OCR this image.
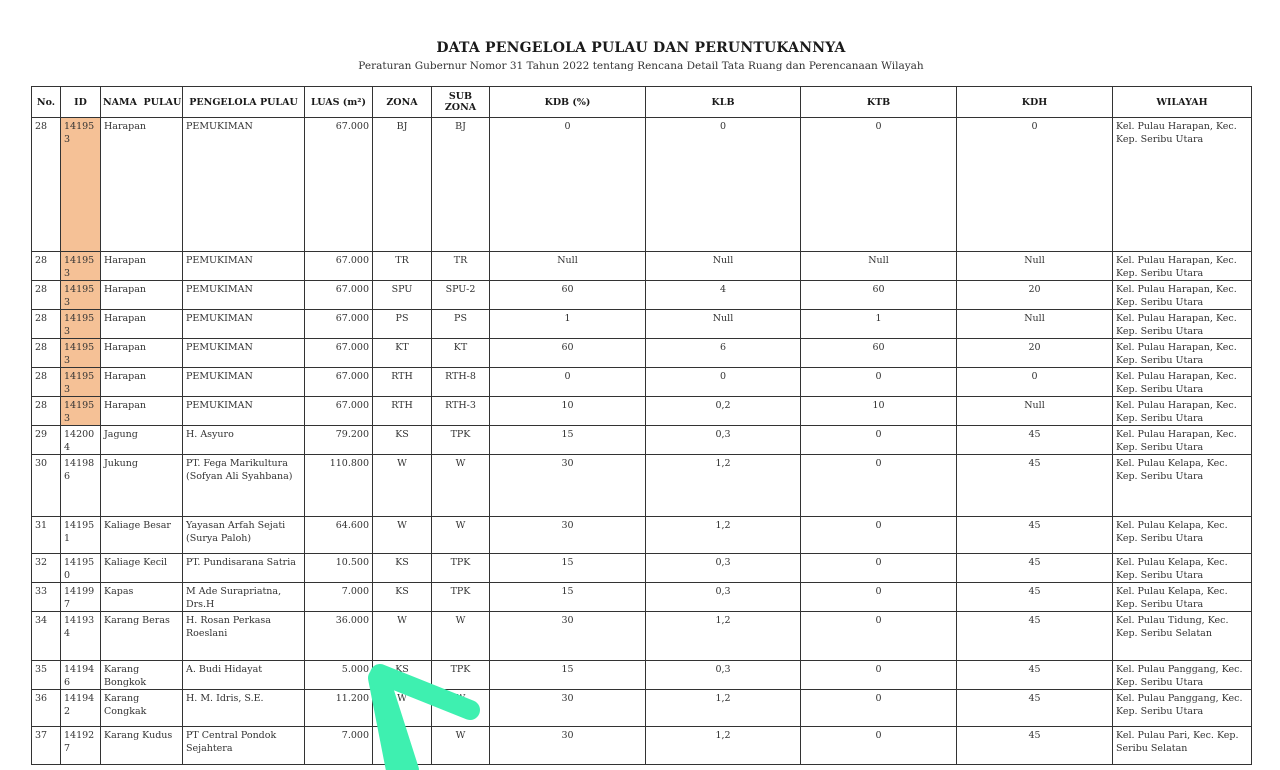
DATA PENGELOLA PULAU DAN PERUNTUKANNYA
Peraturan Gubernur Nomor 31 Tahun 2022 tentang Rencana Detail Tata Ruang dan Perencanaan Wilayah
No.	ID	NAMA  PULAU	PENGELOLA PULAU	LUAS (m²)	ZONA	SUB ZONA	KDB (%)	KLB	KTB	KDH	WILAYAH
28	141953	Harapan	PEMUKIMAN	67.000	BJ	BJ	0	0	0	0	Kel. Pulau Harapan, Kec. Kep. Seribu Utara
28	141953	Harapan	PEMUKIMAN	67.000	TR	TR	Null	Null	Null	Null	Kel. Pulau Harapan, Kec. Kep. Seribu Utara
28	141953	Harapan	PEMUKIMAN	67.000	SPU	SPU-2	60	4	60	20	Kel. Pulau Harapan, Kec. Kep. Seribu Utara
28	141953	Harapan	PEMUKIMAN	67.000	PS	PS	1	Null	1	Null	Kel. Pulau Harapan, Kec. Kep. Seribu Utara
28	141953	Harapan	PEMUKIMAN	67.000	KT	KT	60	6	60	20	Kel. Pulau Harapan, Kec. Kep. Seribu Utara
28	141953	Harapan	PEMUKIMAN	67.000	RTH	RTH-8	0	0	0	0	Kel. Pulau Harapan, Kec. Kep. Seribu Utara
28	141953	Harapan	PEMUKIMAN	67.000	RTH	RTH-3	10	0,2	10	Null	Kel. Pulau Harapan, Kec. Kep. Seribu Utara
29	142004	Jagung	H. Asyuro	79.200	KS	TPK	15	0,3	0	45	Kel. Pulau Harapan, Kec. Kep. Seribu Utara
30	141986	Jukung	PT. Fega Marikultura (Sofyan Ali Syahbana)	110.800	W	W	30	1,2	0	45	Kel. Pulau Kelapa, Kec. Kep. Seribu Utara
31	141951	Kaliage Besar	Yayasan Arfah Sejati (Surya Paloh)	64.600	W	W	30	1,2	0	45	Kel. Pulau Kelapa, Kec. Kep. Seribu Utara
32	141950	Kaliage Kecil	PT. Pundisarana Satria	10.500	KS	TPK	15	0,3	0	45	Kel. Pulau Kelapa, Kec. Kep. Seribu Utara
33	141997	Kapas	M Ade Surapriatna, Drs.H	7.000	KS	TPK	15	0,3	0	45	Kel. Pulau Kelapa, Kec. Kep. Seribu Utara
34	141934	Karang Beras	H. Rosan Perkasa Roeslani	36.000	W	W	30	1,2	0	45	Kel. Pulau Tidung, Kec. Kep. Seribu Selatan
35	141946	Karang Bongkok	A. Budi Hidayat	5.000	KS	TPK	15	0,3	0	45	Kel. Pulau Panggang, Kec. Kep. Seribu Utara
36	141942	Karang Congkak	H. M. Idris, S.E.	11.200	W	W	30	1,2	0	45	Kel. Pulau Panggang, Kec. Kep. Seribu Utara
37	141927	Karang Kudus	PT Central Pondok Sejahtera	7.000		W	30	1,2	0	45	Kel. Pulau Pari, Kec. Kep. Seribu Selatan
